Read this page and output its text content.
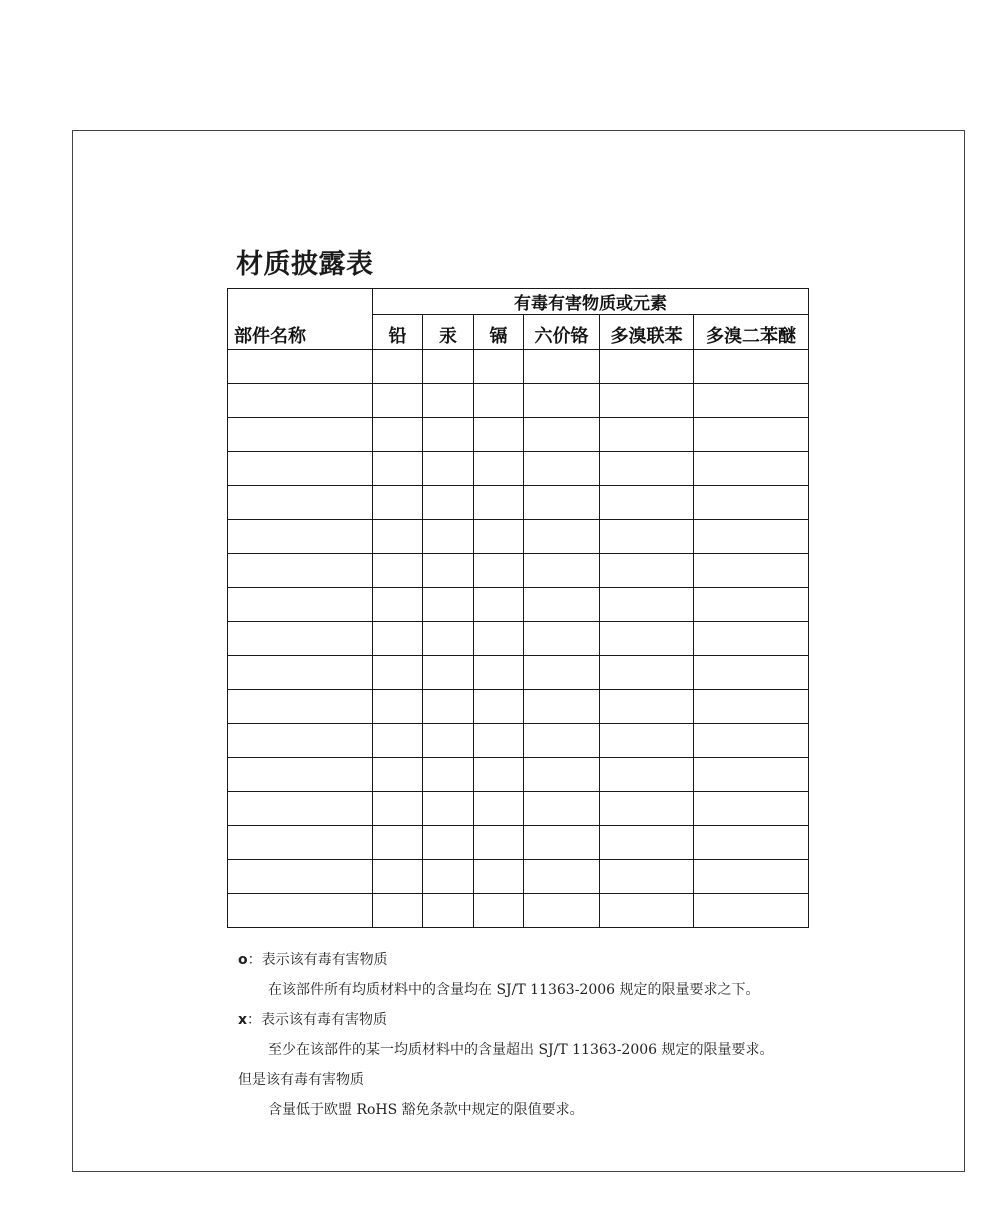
材质披露表
部件名称	有毒有害物质或元素					
	铅	汞	镉	六价铬	多溴联苯	多溴二苯醚

o：表示该有毒有害物质

在该部件所有均质材料中的含量均在 SJ/T 11363-2006 规定的限量要求之下。

x：表示该有毒有害物质

至少在该部件的某一均质材料中的含量超出 SJ/T 11363-2006 规定的限量要求。

但是该有毒有害物质

含量低于欧盟 RoHS 豁免条款中规定的限值要求。
